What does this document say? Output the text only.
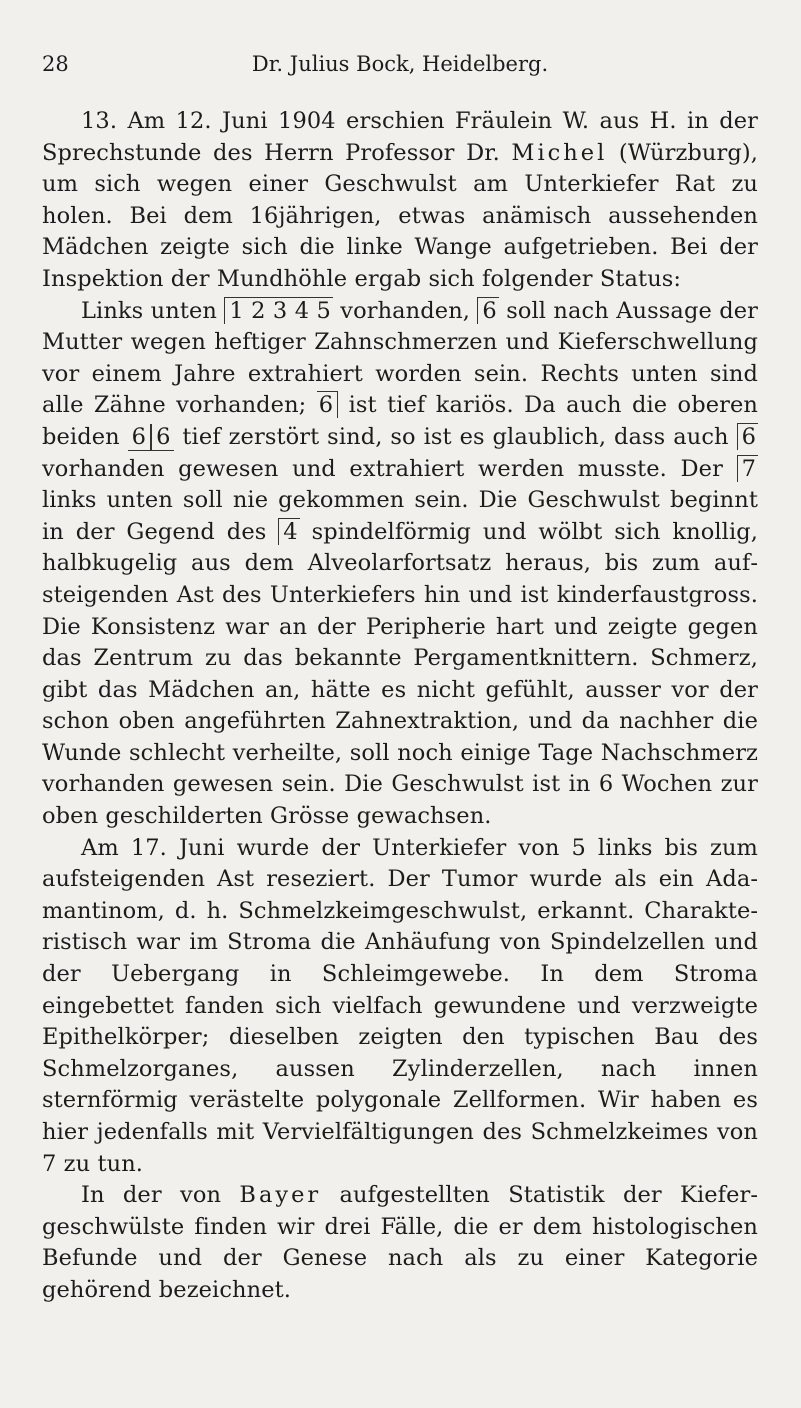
28	Dr. Julius Bock, Heidelberg.

13. Am 12. Juni 1904 erschien Fräulein W. aus H. in der Sprechstunde des Herrn Professor Dr. Michel (Würzburg), um sich wegen einer Geschwulst am Unterkiefer Rat zu holen. Bei dem 16jährigen, etwas anämisch aussehenden Mädchen zeigte sich die linke Wange aufgetrieben. Bei der Inspektion der Mundhöhle ergab sich folgender Status:

Links unten 1 2 3 4 5 vorhanden, 6 soll nach Aussage der Mutter wegen heftiger Zahnschmerzen und Kieferschwellung vor einem Jahre extrahiert worden sein. Rechts unten sind alle Zähne vorhanden; 6 ist tief kariös. Da auch die oberen beiden 6 6 tief zerstört sind, so ist es glaublich, dass auch 6 vorhanden gewesen und extrahiert werden musste. Der 7 links unten soll nie gekommen sein. Die Geschwulst beginnt in der Gegend des 4 spindelförmig und wölbt sich knollig, halbkugelig aus dem Alveolarfortsatz heraus, bis zum aufsteigenden Ast des Unterkiefers hin und ist kinderfaustgross. Die Konsistenz war an der Peripherie hart und zeigte gegen das Zentrum zu das bekannte Pergamentknittern. Schmerz, gibt das Mädchen an, hätte es nicht gefühlt, ausser vor der schon oben angeführten Zahnextraktion, und da nachher die Wunde schlecht verheilte, soll noch einige Tage Nachschmerz vorhanden gewesen sein. Die Geschwulst ist in 6 Wochen zur oben geschilderten Grösse gewachsen.

Am 17. Juni wurde der Unterkiefer von 5 links bis zum aufsteigenden Ast reseziert. Der Tumor wurde als ein Adamantinom, d. h. Schmelzkeimgeschwulst, erkannt. Charakteristisch war im Stroma die Anhäufung von Spindelzellen und der Uebergang in Schleimgewebe. In dem Stroma eingebettet fanden sich vielfach gewundene und verzweigte Epithelkörper; dieselben zeigten den typischen Bau des Schmelzorganes, aussen Zylinderzellen, nach innen sternförmig verästelte polygonale Zellformen. Wir haben es hier jedenfalls mit Vervielfältigungen des Schmelzkeimes von 7 zu tun.

In der von Bayer aufgestellten Statistik der Kiefergeschwülste finden wir drei Fälle, die er dem histologischen Befunde und der Genese nach als zu einer Kategorie gehörend bezeichnet.
